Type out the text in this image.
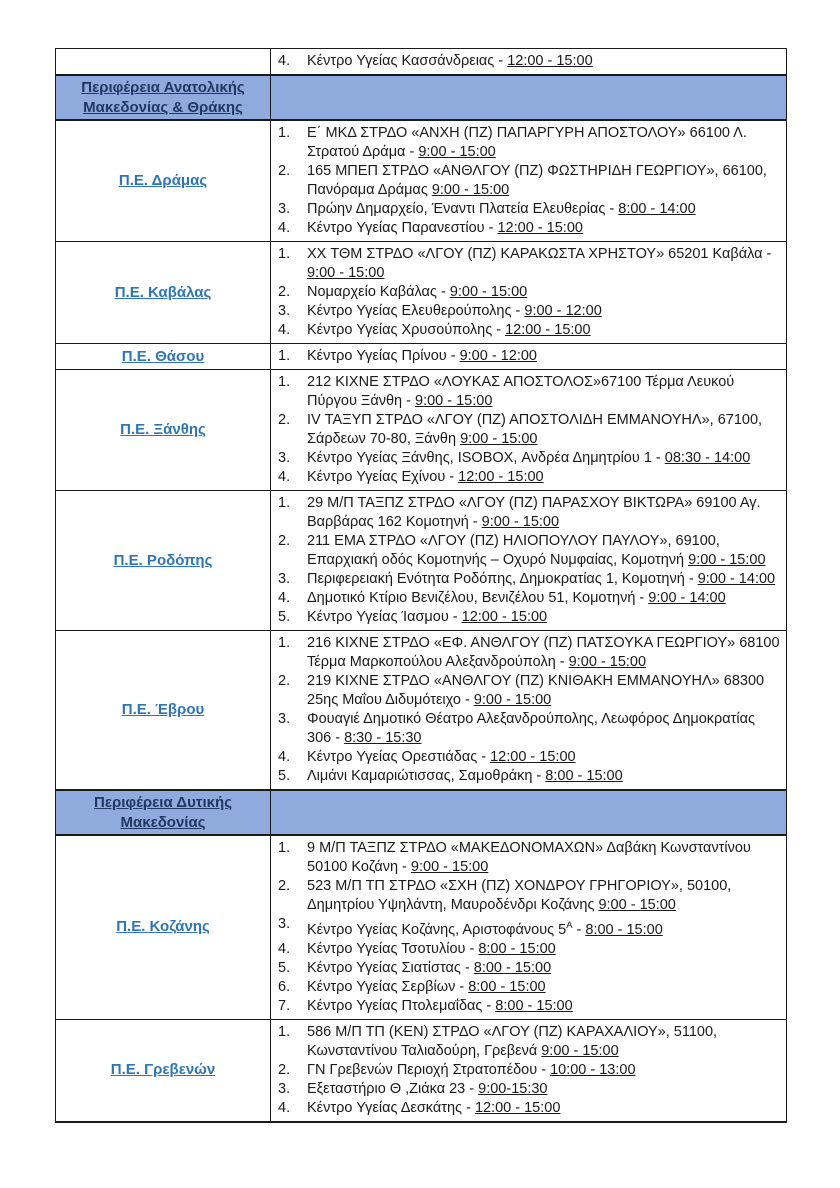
	4. Κέντρο Υγείας Κασσάνδρειας - 12:00 - 15:00

Περιφέρεια Ανατολικής Μακεδονίας & Θράκης	
Π.Ε. Δράμας	
1.	Ε΄ ΜΚΔ ΣΤΡΔΟ «ΑΝΧΗ (ΠΖ) ΠΑΠΑΡΓΥΡΗ ΑΠΟΣΤΟΛΟΥ» 66100 Λ. Στρατού Δράμα - 9:00 - 15:00
2.	165 ΜΠΕΠ ΣΤΡΔΟ «ΑΝΘΛΓΟΥ (ΠΖ) ΦΩΣΤΗΡΙΔΗ ΓΕΩΡΓΙΟΥ», 66100, Πανόραμα Δράμας 9:00 - 15:00
3.	Πρώην Δημαρχείο, Έναντι Πλατεία Ελευθερίας - 8:00 - 14:00
4.	Κέντρο Υγείας Παρανεστίου - 12:00 - 15:00

Π.Ε. Καβάλας	
1.	XX ΤΘΜ ΣΤΡΔΟ «ΛΓΟΥ (ΠΖ) ΚΑΡΑΚΩΣΤΑ ΧΡΗΣΤΟΥ» 65201 Καβάλα - 9:00 - 15:00
2.	Νομαρχείο Καβάλας - 9:00 - 15:00
3.	Κέντρο Υγείας Ελευθερούπολης - 9:00 - 12:00
4.	Κέντρο Υγείας Χρυσούπολης - 12:00 - 15:00

Π.Ε. Θάσου	1. Κέντρο Υγείας Πρίνου - 9:00 - 12:00

Π.Ε. Ξάνθης	
1.	212 ΚΙΧΝΕ ΣΤΡΔΟ «ΛΟΥΚΑΣ ΑΠΟΣΤΟΛΟΣ»67100 Τέρμα Λευκού Πύργου Ξάνθη - 9:00 - 15:00
2.	IV ΤΑΞΥΠ ΣΤΡΔΟ «ΛΓΟΥ (ΠΖ) ΑΠΟΣΤΟΛΙΔΗ ΕΜΜΑΝΟΥΗΛ», 67100, Σάρδεων 70-80, Ξάνθη 9:00 - 15:00
3.	Κέντρο Υγείας Ξάνθης, ISOBOX, Ανδρέα Δημητρίου 1 - 08:30 - 14:00
4.	Κέντρο Υγείας Εχίνου - 12:00 - 15:00

Π.Ε. Ροδόπης	
1.	29 Μ/Π ΤΑΞΠΖ ΣΤΡΔΟ «ΛΓΟΥ (ΠΖ) ΠΑΡΑΣΧΟΥ ΒΙΚΤΩΡΑ» 69100 Αγ. Βαρβάρας 162 Κομοτηνή - 9:00 - 15:00
2.	211 ΕΜΑ ΣΤΡΔΟ «ΛΓΟΥ (ΠΖ) ΗΛΙΟΠΟΥΛΟΥ ΠΑΥΛΟΥ», 69100, Επαρχιακή οδός Κομοτηνής – Οχυρό Νυμφαίας, Κομοτηνή 9:00 - 15:00
3.	Περιφερειακή Ενότητα Ροδόπης, Δημοκρατίας 1, Κομοτηνή - 9:00 - 14:00
4.	Δημοτικό Κτίριο Βενιζέλου, Βενιζέλου 51, Κομοτηνή - 9:00 - 14:00
5.	Κέντρο Υγείας Ίασμου - 12:00 - 15:00

Π.Ε. Έβρου	
1.	216 ΚΙΧΝΕ ΣΤΡΔΟ «ΕΦ. ΑΝΘΛΓΟΥ (ΠΖ) ΠΑΤΣΟΥΚΑ ΓΕΩΡΓΙΟΥ» 68100 Τέρμα Μαρκοπούλου Αλεξανδρούπολη - 9:00 - 15:00
2.	219 ΚΙΧΝΕ ΣΤΡΔΟ «ΑΝΘΛΓΟΥ (ΠΖ) ΚΝΙΘΑΚΗ ΕΜΜΑΝΟΥΗΛ» 68300 25ης Μαΐου Διδυμότειχο - 9:00 - 15:00
3.	Φουαγιέ Δημοτικό Θέατρο Αλεξανδρούπολης, Λεωφόρος Δημοκρατίας 306 - 8:30 - 15:30
4.	Κέντρο Υγείας Ορεστιάδας - 12:00 - 15:00
5.	Λιμάνι Καμαριώτισσας, Σαμοθράκη - 8:00 - 15:00

Περιφέρεια Δυτικής Μακεδονίας	
Π.Ε. Κοζάνης	
1.	9 Μ/Π ΤΑΞΠΖ ΣΤΡΔΟ «ΜΑΚΕΔΟΝΟΜΑΧΩΝ» Δαβάκη Κωνσταντίνου 50100 Κοζάνη - 9:00 - 15:00
2.	523 Μ/Π ΤΠ ΣΤΡΔΟ «ΣΧΗ (ΠΖ) ΧΟΝΔΡΟΥ ΓΡΗΓΟΡΙΟΥ», 50100, Δημητρίου Υψηλάντη, Μαυροδένδρι Κοζάνης 9:00 - 15:00
3.	Κέντρο Υγείας Κοζάνης, Αριστοφάνους $5^A$ - 8:00 - 15:00
4.	Κέντρο Υγείας Τσοτυλίου - 8:00 - 15:00
5.	Κέντρο Υγείας Σιατίστας - 8:00 - 15:00
6.	Κέντρο Υγείας Σερβίων - 8:00 - 15:00
7.	Κέντρο Υγείας Πτολεμαΐδας - 8:00 - 15:00

Π.Ε. Γρεβενών	
1.	586 Μ/Π ΤΠ (ΚΕΝ) ΣΤΡΔΟ «ΛΓΟΥ (ΠΖ) ΚΑΡΑΧΑΛΙΟΥ», 51100, Κωνσταντίνου Ταλιαδούρη, Γρεβενά 9:00 - 15:00
2.	ΓΝ Γρεβενών Περιοχή Στρατοπέδου - 10:00 - 13:00
3.	Εξεταστήριο Θ ,Ζιάκα 23 - 9:00-15:30
4.	Κέντρο Υγείας Δεσκάτης - 12:00 - 15:00
